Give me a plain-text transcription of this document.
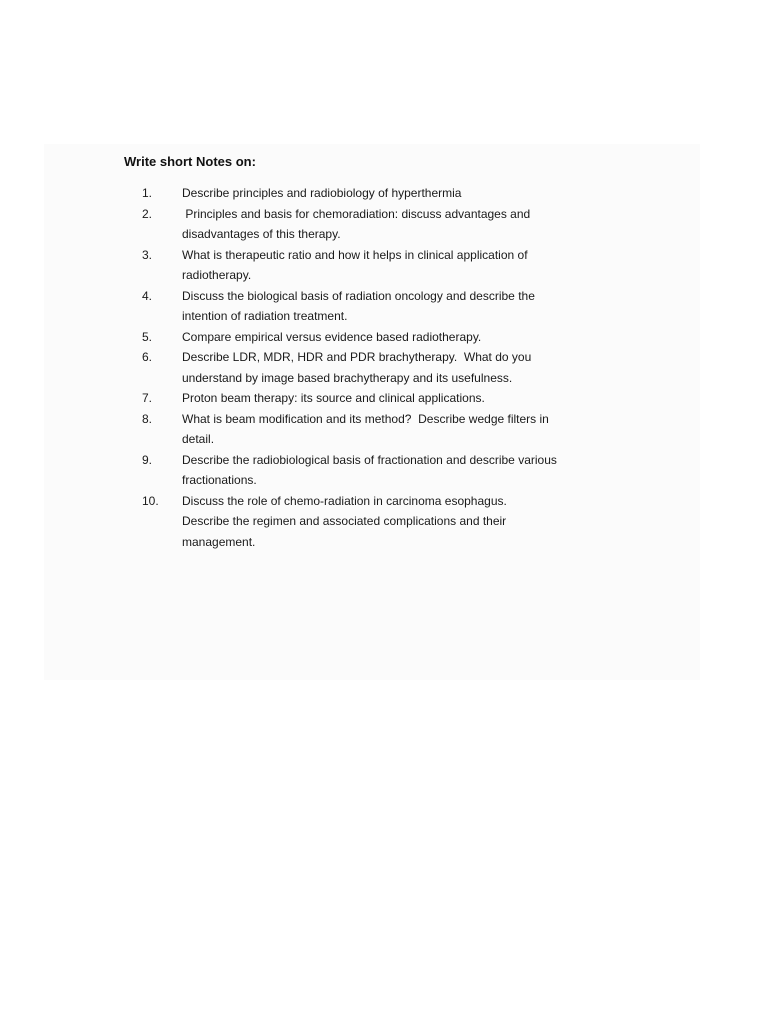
Write short Notes on:
1. Describe principles and radiobiology of hyperthermia
2. Principles and basis for chemoradiation: discuss advantages and
disadvantages of this therapy.
3. What is therapeutic ratio and how it helps in clinical application of
radiotherapy.
4. Discuss the biological basis of radiation oncology and describe the
intention of radiation treatment.
5. Compare empirical versus evidence based radiotherapy.
6. Describe LDR, MDR, HDR and PDR brachytherapy.  What do you
understand by image based brachytherapy and its usefulness.
7. Proton beam therapy: its source and clinical applications.
8. What is beam modification and its method?  Describe wedge filters in
detail.
9. Describe the radiobiological basis of fractionation and describe various
fractionations.
10. Discuss the role of chemo-radiation in carcinoma esophagus.
Describe the regimen and associated complications and their
management.
